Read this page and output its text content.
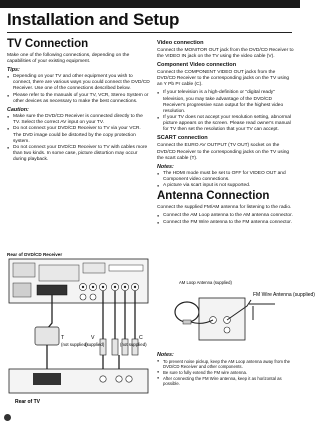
Installation and Setup
TV Connection

Make one of the following connections, depending on the capabilities of your existing equipment.

Tips:
● Depending on your TV and other equipment you wish to connect, there are various ways you could connect the DVD/CD Receiver. Use one of the connections described below.
● Please refer to the manuals of your TV, VCR, Stereo System or other devices as necessary to make the best connections.
Caution:
● Make sure the DVD/CD Receiver is connected directly to the TV. Select the correct AV input on your TV.
● Do not connect your DVD/CD Receiver to TV via your VCR. The DVD image could be distorted by the copy protection system.
● Do not connect your DVD/CD Receiver to TV with cables more than two kinds. In some case, picture distortion may occur during playback.
Rear of DVD/CD Receiver
T
(not supplied)
V
(supplied)
C
(not supplied)
Rear of TV
Video connection

Connect the MONITOR OUT jack from the DVD/CD Receiver to the VIDEO IN jack on the TV using the video cable (V).

Component Video connection

Connect the COMPONENT VIDEO OUT jacks from the DVD/CD Receiver to the corresponding jacks on the TV using an Y Pb Pr cable (C).

● If your television is a high-definition or "digital ready" television, you may take advantage of the DVD/CD Receiver's progressive scan output for the highest video resolution.
● If your TV does not accept your resolution setting, abnormal picture appears on the screen. Please read owner's manual for TV then set the resolution that your TV can accept.
SCART connection

Connect the EURO AV OUTPUT (TV OUT) socket on the DVD/CD Receiver to the corresponding jacks on the TV using the scart cable (T).

Notes:
● The HDMI mode must be set to OFF for VIDEO OUT and Component video connections.
● A picture via scart input is not supported.
Antenna Connection

Connect the supplied FM/AM antenna for listening to the radio.

● Connect the AM Loop antenna to the AM antenna connector.
● Connect the FM Wire antenna to the FM antenna connector.
AM Loop Antenna (supplied)
FM Wire Antenna (supplied)
Notes:
● To prevent noise pickup, keep the AM Loop antenna away from the DVD/CD Receiver and other components.
● Be sure to fully extend the FM wire antenna.
● After connecting the FM Wire antenna, keep it as horizontal as possible.
